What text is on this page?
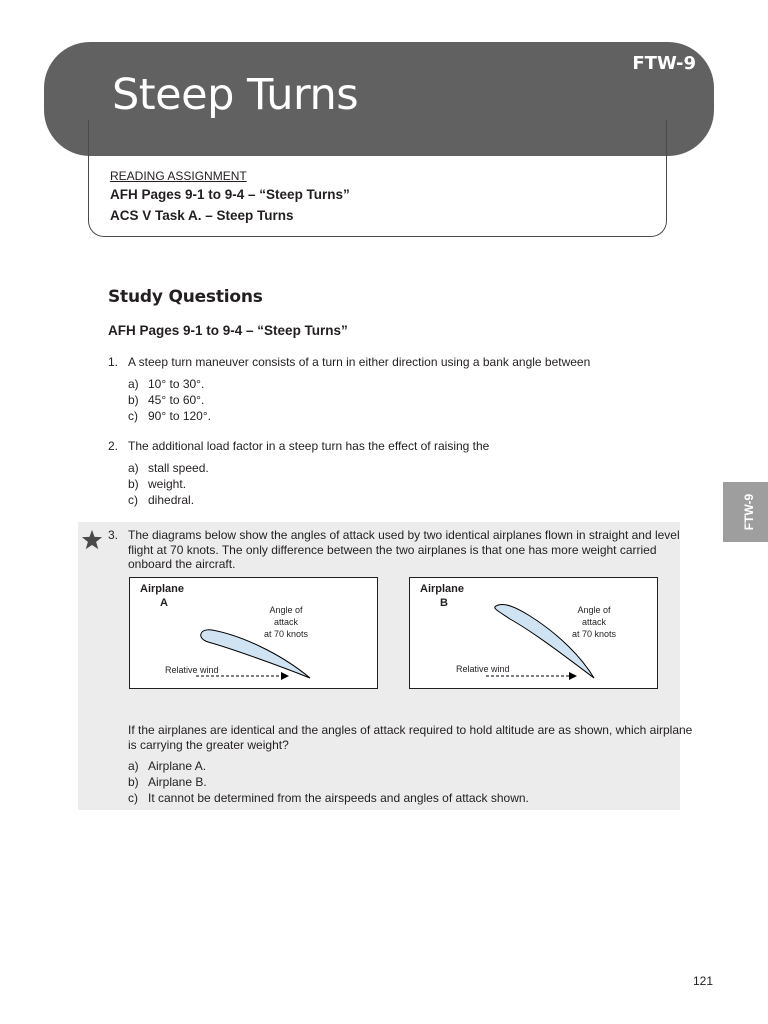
Steep Turns
FTW-9
READING ASSIGNMENT
AFH Pages 9-1 to 9-4 – “Steep Turns”
ACS V Task A. – Steep Turns
Study Questions
AFH Pages 9-1 to 9-4 – “Steep Turns”
1. A steep turn maneuver consists of a turn in either direction using a bank angle between
a) 10° to 30°.
b) 45° to 60°.
c) 90° to 120°.
2. The additional load factor in a steep turn has the effect of raising the
a) stall speed.
b) weight.
c) dihedral.	FTW-9
3. The diagrams below show the angles of attack used by two identical airplanes flown in straight and level
flight at 70 knots. The only difference between the two airplanes is that one has more weight carried
onboard the aircraft.
Airplane
A
Angle of
attack
at 70 knots
Relative wind
Airplane
B
Angle of
attack
at 70 knots
Relative wind
If the airplanes are identical and the angles of attack required to hold altitude are as shown, which airplane
is carrying the greater weight?
a) Airplane A.
b) Airplane B.
c) It cannot be determined from the airspeeds and angles of attack shown.
121
